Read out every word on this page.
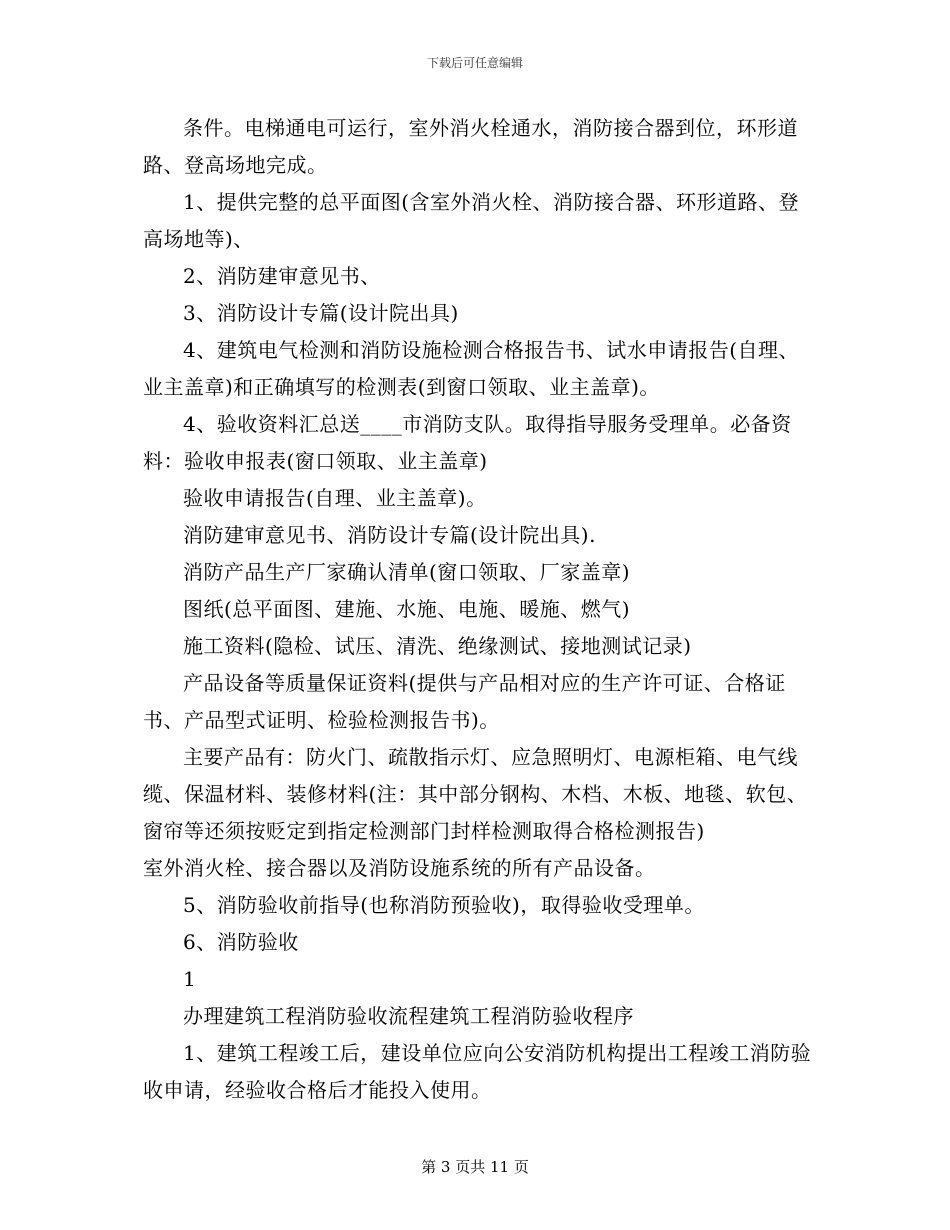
下载后可任意编辑

条件。电梯通电可运行，室外消火栓通水，消防接合器到位，环形道路、登高场地完成。

1、提供完整的总平面图(含室外消火栓、消防接合器、环形道路、登高场地等)、

2、消防建审意见书、

3、消防设计专篇(设计院出具)

4、建筑电气检测和消防设施检测合格报告书、试水申请报告(自理、业主盖章)和正确填写的检测表(到窗口领取、业主盖章)。

4、验收资料汇总送____市消防支队。取得指导服务受理单。必备资料：验收申报表(窗口领取、业主盖章)

验收申请报告(自理、业主盖章)。

消防建审意见书、消防设计专篇(设计院出具).

消防产品生产厂家确认清单(窗口领取、厂家盖章)

图纸(总平面图、建施、水施、电施、暖施、燃气)

施工资料(隐检、试压、清洗、绝缘测试、接地测试记录)

产品设备等质量保证资料(提供与产品相对应的生产许可证、合格证书、产品型式证明、检验检测报告书)。

主要产品有：防火门、疏散指示灯、应急照明灯、电源柜箱、电气线缆、保温材料、装修材料(注：其中部分钢构、木档、木板、地毯、软包、窗帘等还须按贬定到指定检测部门封样检测取得合格检测报告)

室外消火栓、接合器以及消防设施系统的所有产品设备。

5、消防验收前指导(也称消防预验收)，取得验收受理单。

6、消防验收

1

办理建筑工程消防验收流程建筑工程消防验收程序

1、建筑工程竣工后，建设单位应向公安消防机构提出工程竣工消防验收申请，经验收合格后才能投入使用。

第 3 页共 11 页
